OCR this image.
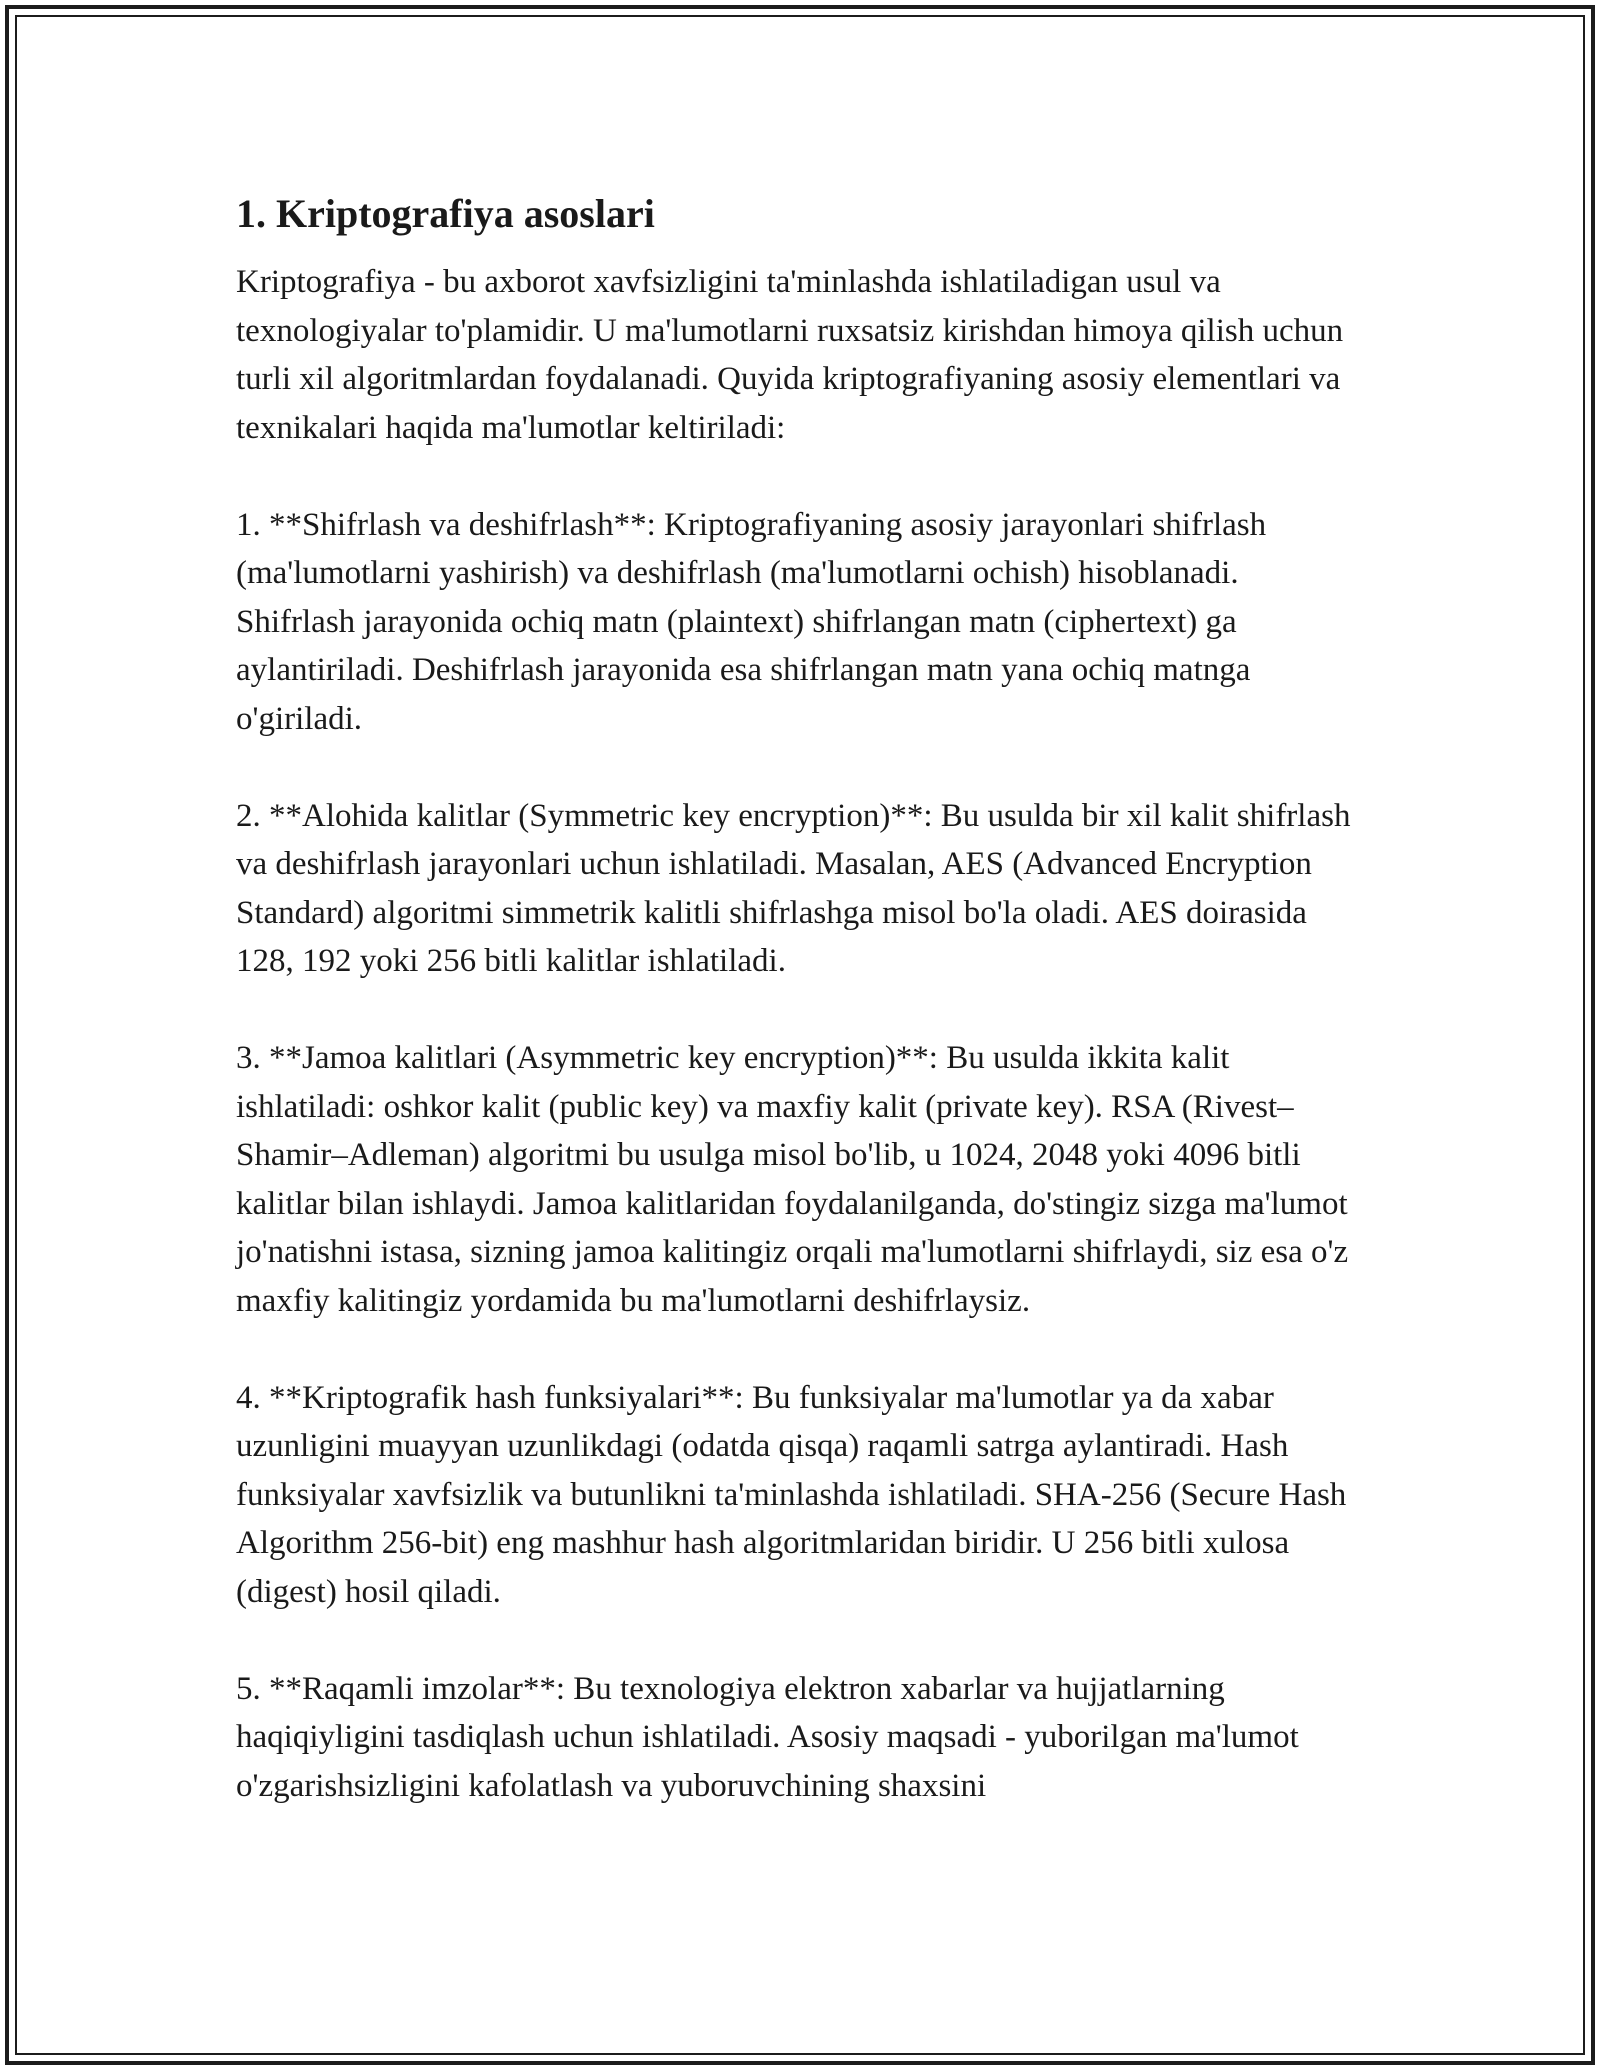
1. Kriptografiya asoslari

Kriptografiya - bu axborot xavfsizligini ta'minlashda ishlatiladigan usul va texnologiyalar to'plamidir. U ma'lumotlarni ruxsatsiz kirishdan himoya qilish uchun turli xil algoritmlardan foydalanadi. Quyida kriptografiyaning asosiy elementlari va texnikalari haqida ma'lumotlar keltiriladi:

1. **Shifrlash va deshifrlash**: Kriptografiyaning asosiy jarayonlari shifrlash (ma'lumotlarni yashirish) va deshifrlash (ma'lumotlarni ochish) hisoblanadi. Shifrlash jarayonida ochiq matn (plaintext) shifrlangan matn (ciphertext) ga aylantiriladi. Deshifrlash jarayonida esa shifrlangan matn yana ochiq matnga o'giriladi.

2. **Alohida kalitlar (Symmetric key encryption)**: Bu usulda bir xil kalit shifrlash va deshifrlash jarayonlari uchun ishlatiladi. Masalan, AES (Advanced Encryption Standard) algoritmi simmetrik kalitli shifrlashga misol bo'la oladi. AES doirasida 128, 192 yoki 256 bitli kalitlar ishlatiladi.

3. **Jamoa kalitlari (Asymmetric key encryption)**: Bu usulda ikkita kalit ishlatiladi: oshkor kalit (public key) va maxfiy kalit (private key). RSA (Rivest–Shamir–Adleman) algoritmi bu usulga misol bo'lib, u 1024, 2048 yoki 4096 bitli kalitlar bilan ishlaydi. Jamoa kalitlaridan foydalanilganda, do'stingiz sizga ma'lumot jo'natishni istasa, sizning jamoa kalitingiz orqali ma'lumotlarni shifrlaydi, siz esa o'z maxfiy kalitingiz yordamida bu ma'lumotlarni deshifrlaysiz.

4. **Kriptografik hash funksiyalari**: Bu funksiyalar ma'lumotlar ya da xabar uzunligini muayyan uzunlikdagi (odatda qisqa) raqamli satrga aylantiradi. Hash funksiyalar xavfsizlik va butunlikni ta'minlashda ishlatiladi. SHA-256 (Secure Hash Algorithm 256-bit) eng mashhur hash algoritmlaridan biridir. U 256 bitli xulosa (digest) hosil qiladi.

5. **Raqamli imzolar**: Bu texnologiya elektron xabarlar va hujjatlarning haqiqiyligini tasdiqlash uchun ishlatiladi. Asosiy maqsadi - yuborilgan ma'lumot o'zgarishsizligini kafolatlash va yuboruvchining shaxsini
